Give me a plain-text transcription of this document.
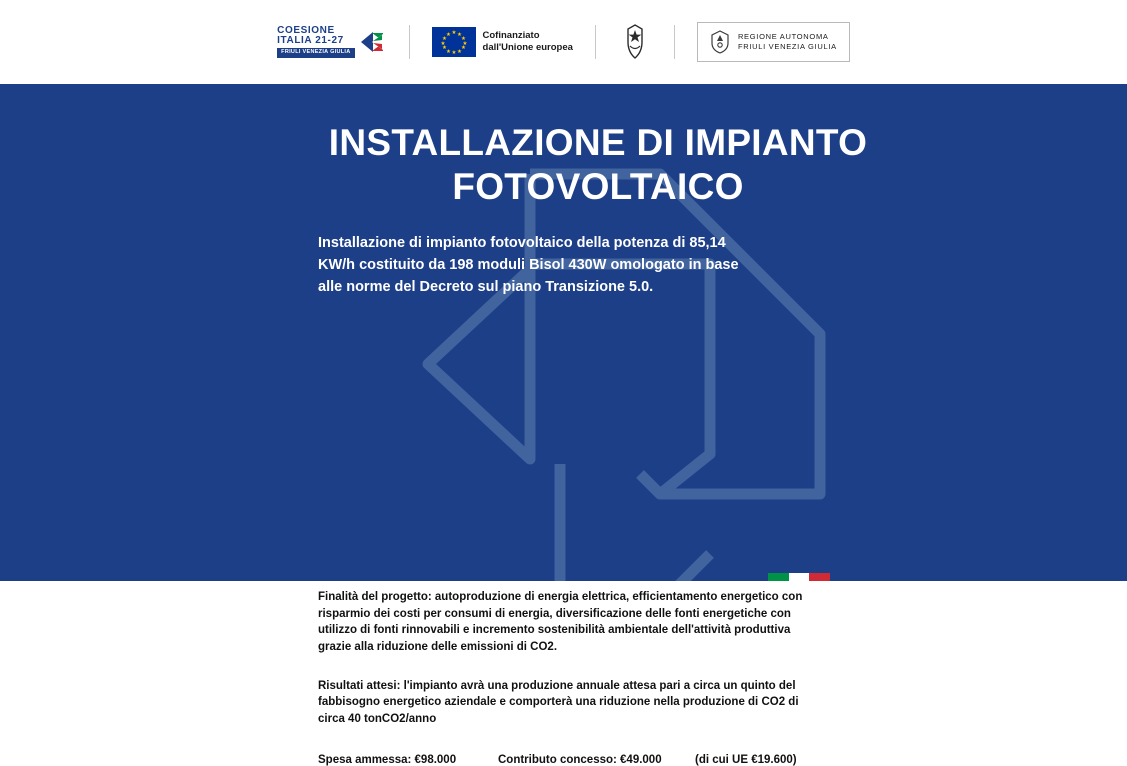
COESIONE
ITALIA 21-27
FRIULI VENEZIA GIULIA
★ ★
★
★
★
★
★
★
★
★
★
★	Cofinanziato
dall'Unione europea
REGIONE AUTONOMA
FRIULI VENEZIA GIULIA
INSTALLAZIONE DI IMPIANTO FOTOVOLTAICO

Installazione di impianto fotovoltaico della potenza di 85,14 KW/h costituito da 198 moduli Bisol 430W omologato in base alle norme del Decreto sul piano Transizione 5.0.

Finalità del progetto: autoproduzione di energia elettrica, efficientamento energetico con risparmio dei costi per consumi di energia, diversificazione delle fonti energetiche con utilizzo di fonti rinnovabili e incremento sostenibilità ambientale dell'attività produttiva grazie alla riduzione delle emissioni di CO2.

Risultati attesi: l'impianto avrà una produzione annuale attesa pari a circa un quinto del fabbisogno energetico aziendale e comporterà una riduzione nella produzione di CO2 di circa 40 tonCO2/anno

Spesa ammessa: €98.000	Contributo concesso: €49.000	(di cui UE €19.600)
